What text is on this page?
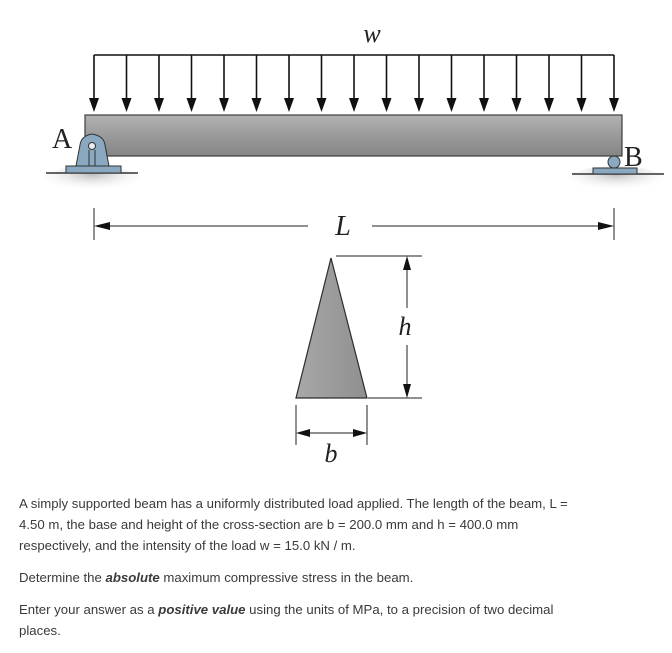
w
A
B
L
h
b

A simply supported beam has a uniformly distributed load applied. The length of the beam, L = 4.50 m, the base and height of the cross-section are b = 200.0 mm and h = 400.0 mm respectively, and the intensity of the load w = 15.0 kN / m.

Determine the absolute maximum compressive stress in the beam.

Enter your answer as a positive value using the units of MPa, to a precision of two decimal places.
